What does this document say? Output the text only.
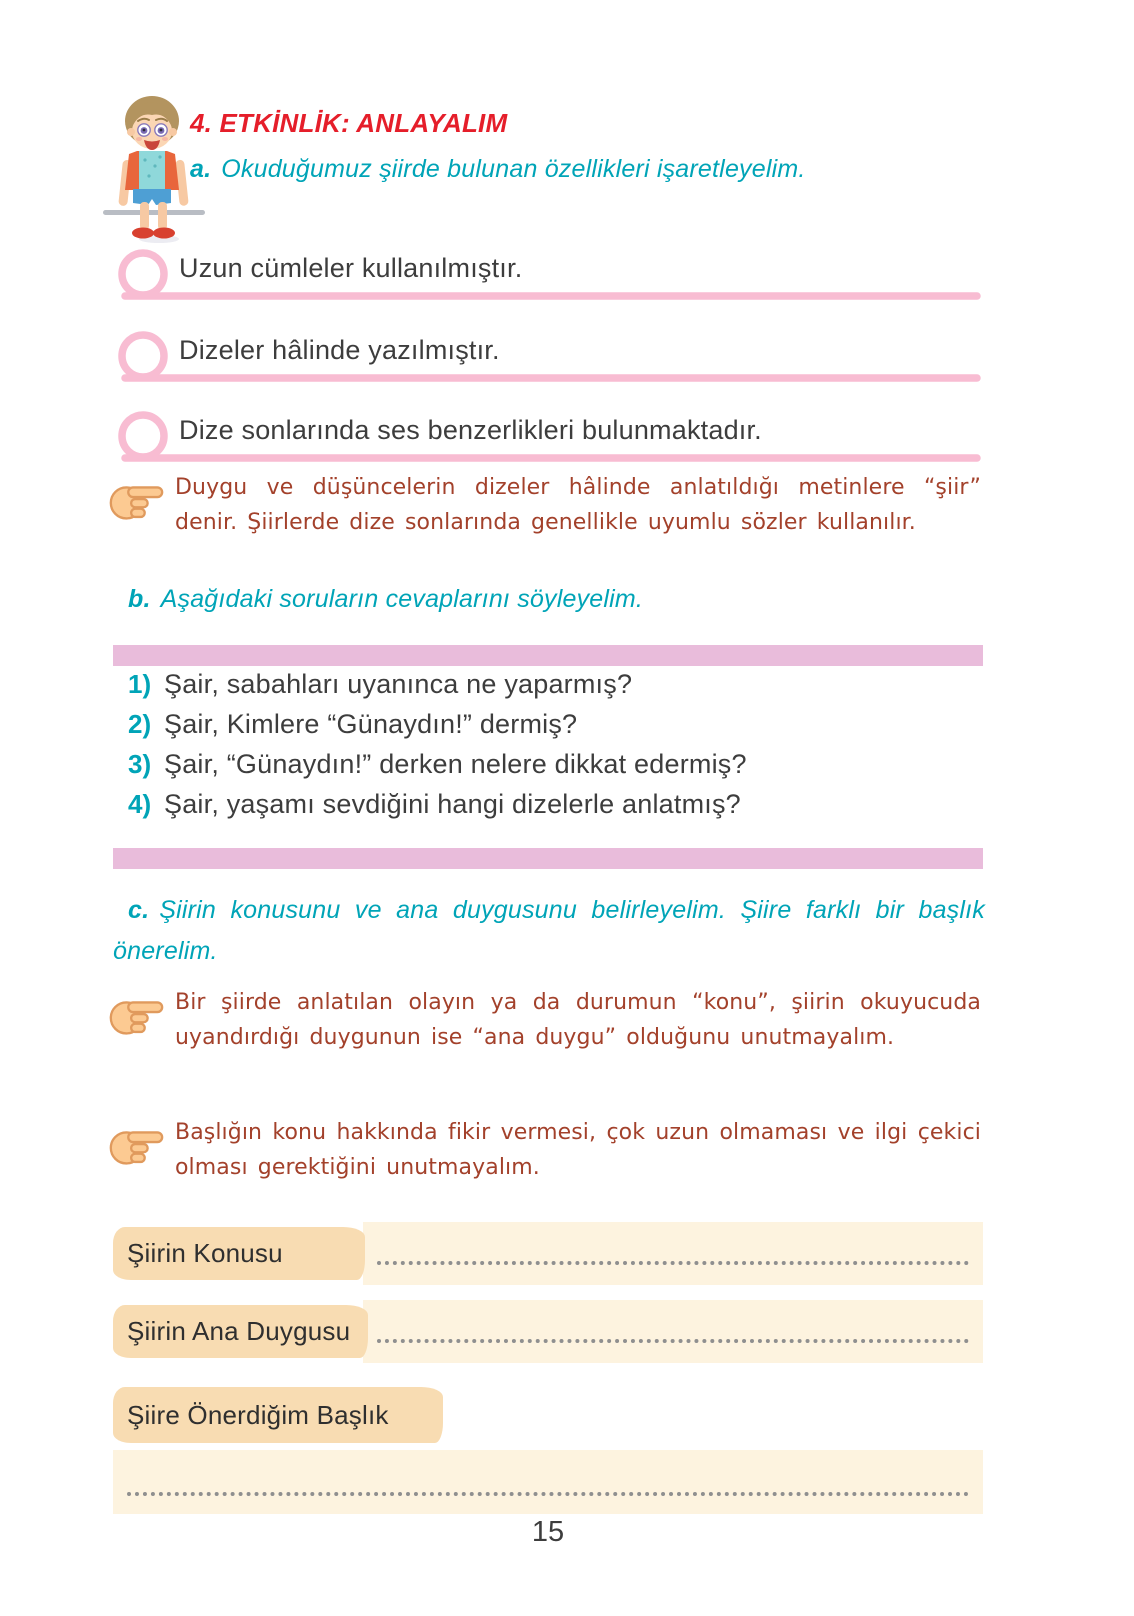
4. ETKİNLİK: ANLAYALIM
a. Okuduğumuz şiirde bulunan özellikleri işaretleyelim.
Uzun cümleler kullanılmıştır.
Dizeler hâlinde yazılmıştır.
Dize sonlarında ses benzerlikleri bulunmaktadır.
Duygu ve düşüncelerin dizeler hâlinde anlatıldığı metinlere “şiir” denir. Şiirlerde dize sonlarında genellikle uyumlu sözler kullanılır.
b. Aşağıdaki soruların cevaplarını söyleyelim.
1) Şair, sabahları uyanınca ne yaparmış?
2) Şair, Kimlere “Günaydın!” dermiş?
3) Şair, “Günaydın!” derken nelere dikkat edermiş?
4) Şair, yaşamı sevdiğini hangi dizelerle anlatmış?
c. Şiirin konusunu ve ana duygusunu belirleyelim. Şiire farklı bir başlık önerelim.
Bir şiirde anlatılan olayın ya da durumun “konu”, şiirin okuyucuda uyandırdığı duygunun ise “ana duygu” olduğunu unutmayalım.
Başlığın konu hakkında fikir vermesi, çok uzun olmaması ve ilgi çekici olması gerektiğini unutmayalım.
Şiirin Konusu
Şiirin Ana Duygusu
Şiire Önerdiğim Başlık
15
